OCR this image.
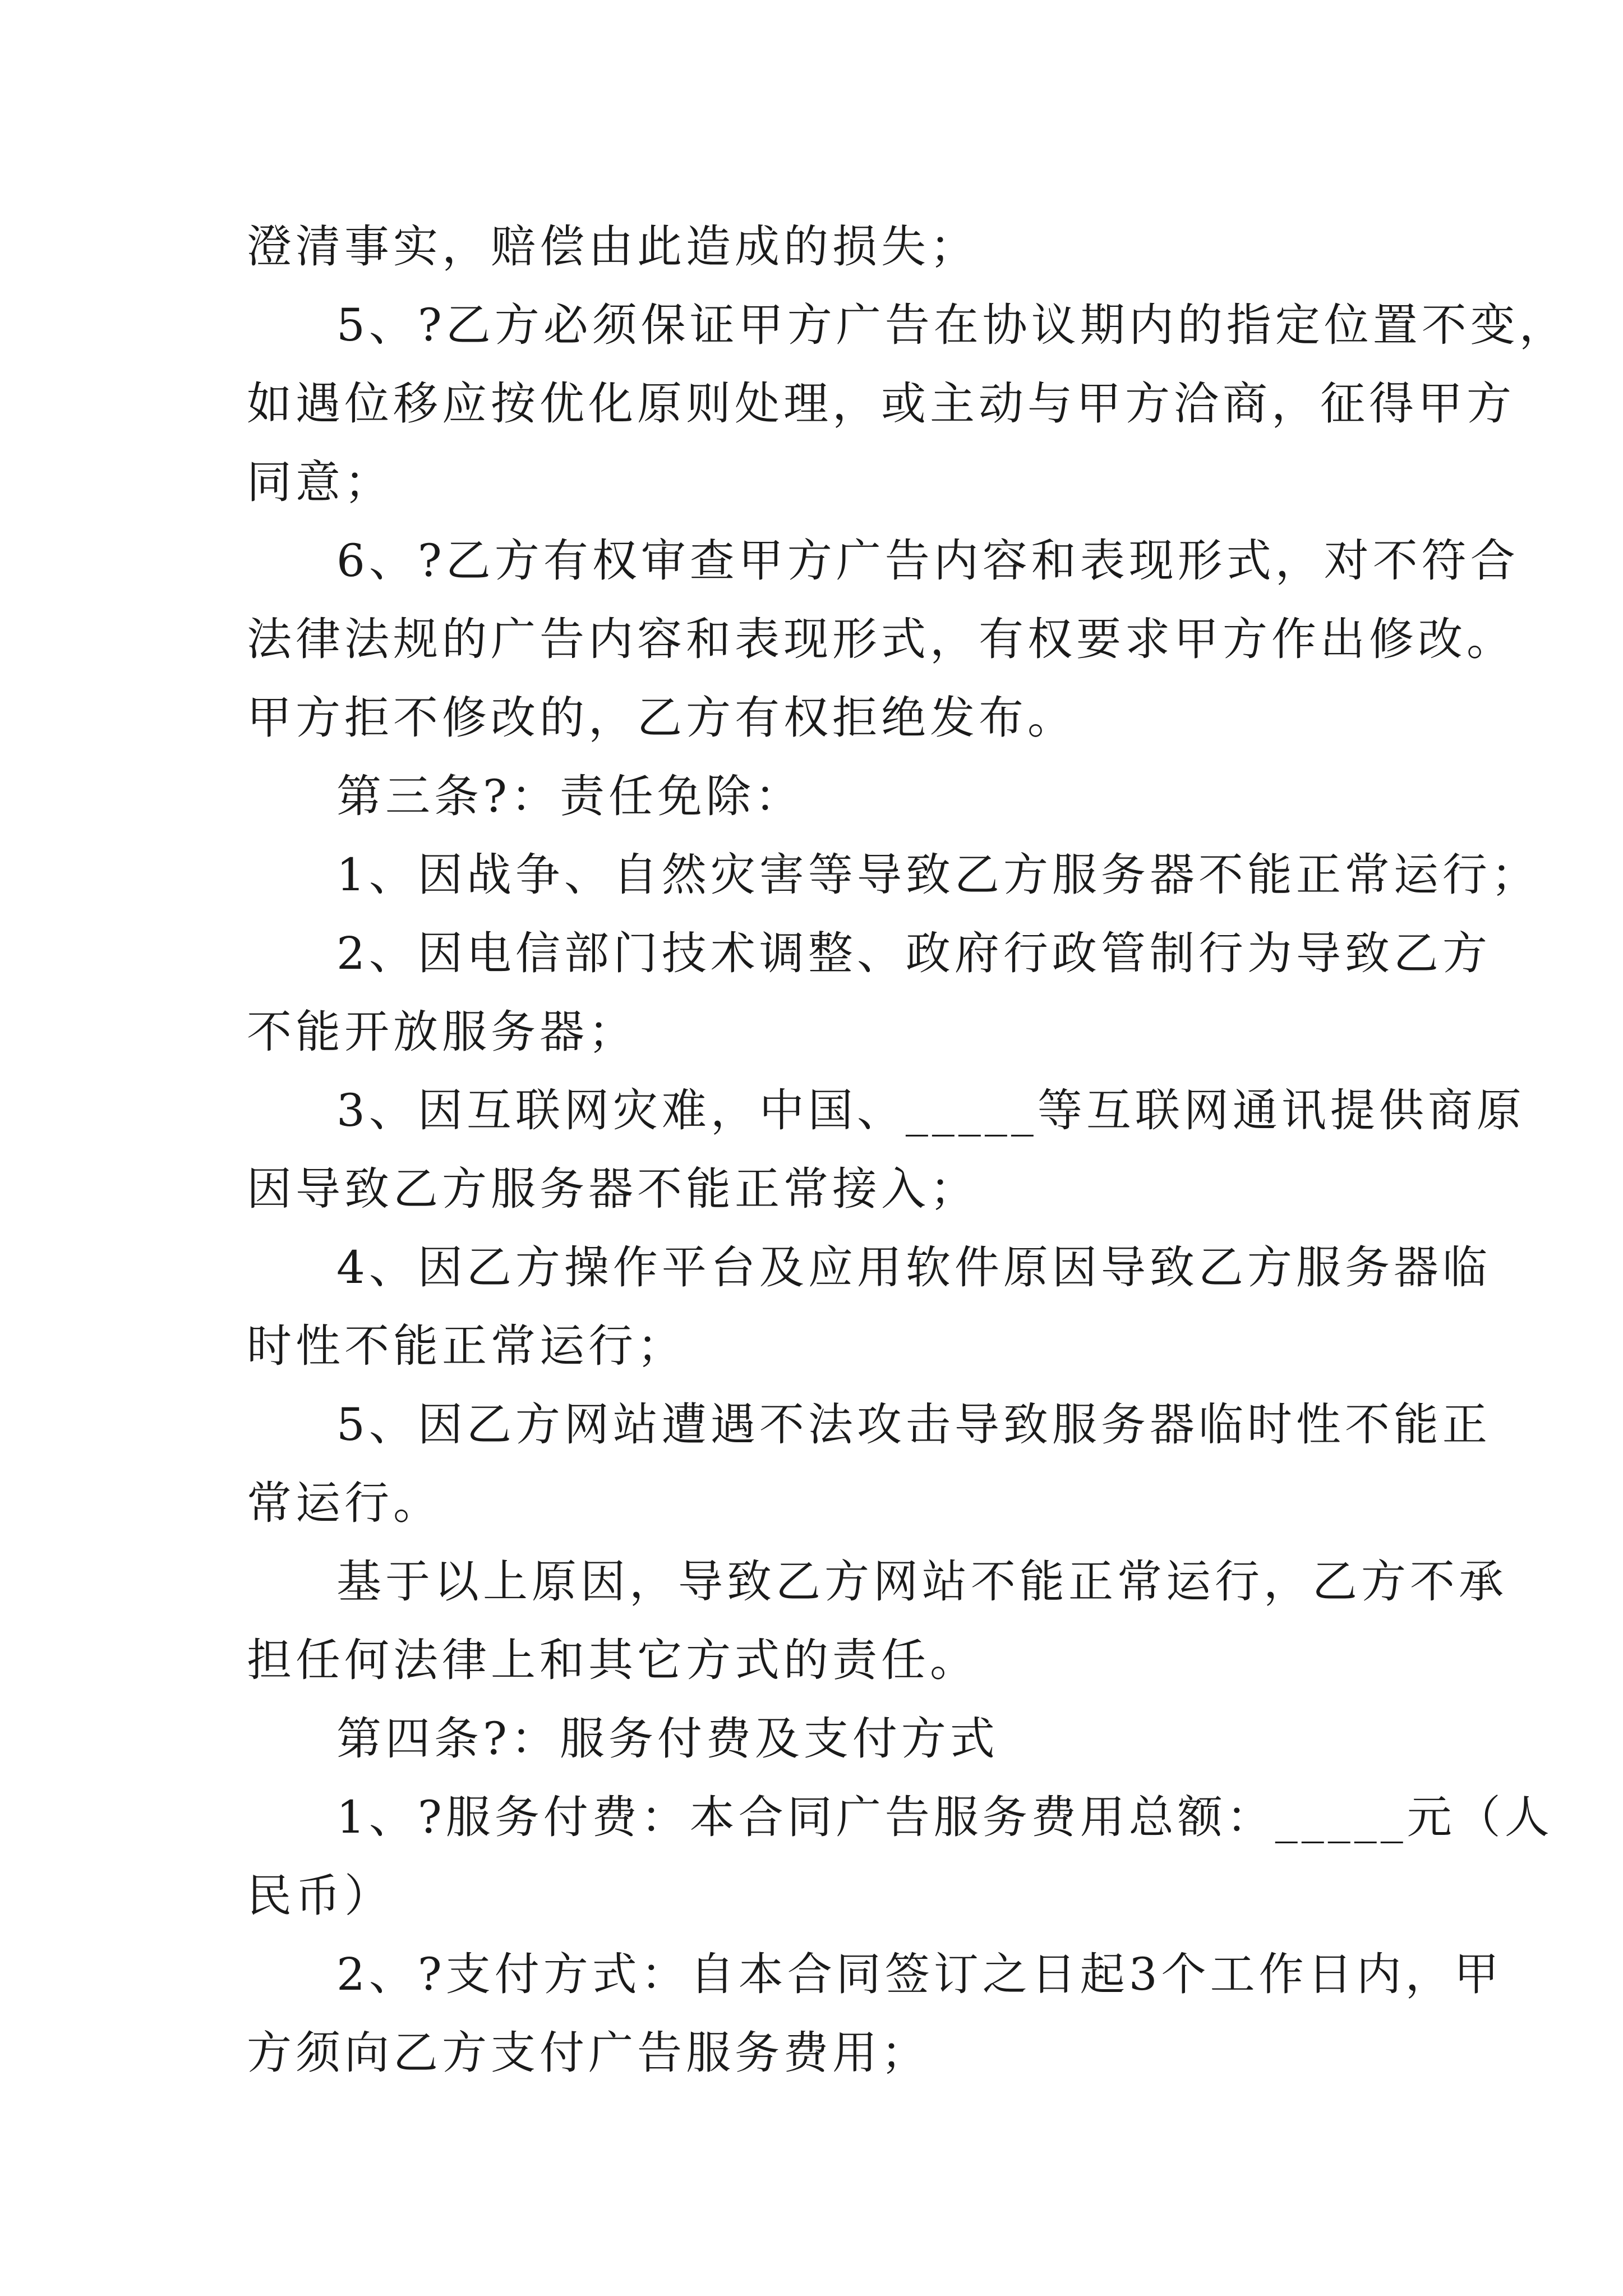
澄清事实，赔偿由此造成的损失；
5、?乙方必须保证甲方广告在协议期内的指定位置不变，
如遇位移应按优化原则处理，或主动与甲方洽商，征得甲方
同意；
6、?乙方有权审查甲方广告内容和表现形式，对不符合
法律法规的广告内容和表现形式，有权要求甲方作出修改。
甲方拒不修改的，乙方有权拒绝发布。
第三条?：责任免除：
1、因战争、自然灾害等导致乙方服务器不能正常运行；
2、因电信部门技术调整、政府行政管制行为导致乙方
不能开放服务器；
3、因互联网灾难，中国、_____等互联网通讯提供商原
因导致乙方服务器不能正常接入；
4、因乙方操作平台及应用软件原因导致乙方服务器临
时性不能正常运行；
5、因乙方网站遭遇不法攻击导致服务器临时性不能正
常运行。
基于以上原因，导致乙方网站不能正常运行，乙方不承
担任何法律上和其它方式的责任。
第四条?：服务付费及支付方式
1、?服务付费：本合同广告服务费用总额：_____元（人
民币）
2、?支付方式：自本合同签订之日起3个工作日内，甲
方须向乙方支付广告服务费用；
